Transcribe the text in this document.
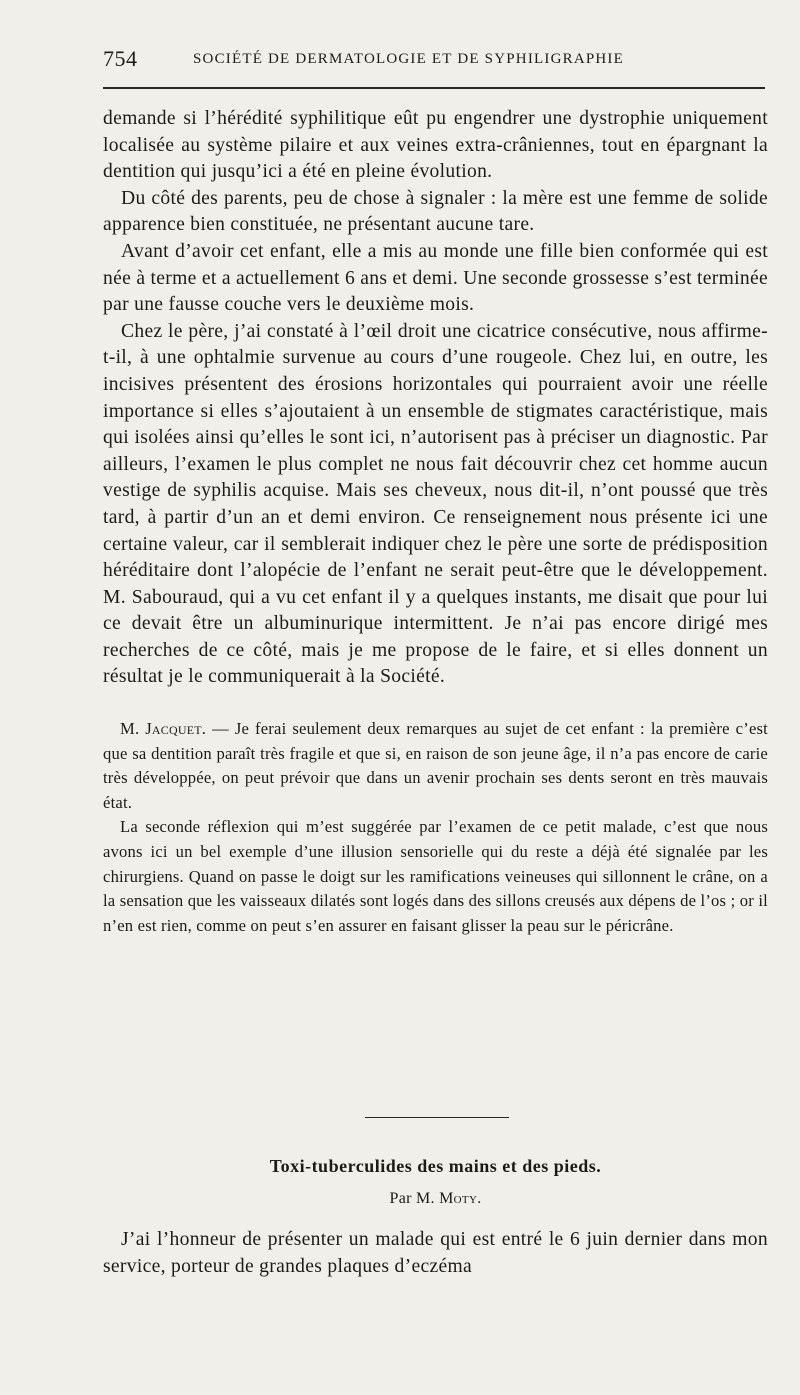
754	SOCIÉTÉ DE DERMATOLOGIE ET DE SYPHILIGRAPHIE

demande si l’hérédité syphilitique eût pu engendrer une dystrophie uniquement localisée au système pilaire et aux veines extra-crâniennes, tout en épargnant la dentition qui jusqu’ici a été en pleine évolution.

Du côté des parents, peu de chose à signaler : la mère est une femme de solide apparence bien constituée, ne présentant aucune tare.

Avant d’avoir cet enfant, elle a mis au monde une fille bien conformée qui est née à terme et a actuellement 6 ans et demi. Une seconde grossesse s’est terminée par une fausse couche vers le deuxième mois.

Chez le père, j’ai constaté à l’œil droit une cicatrice consécutive, nous affirme-t-il, à une ophtalmie survenue au cours d’une rougeole. Chez lui, en outre, les incisives présentent des érosions horizontales qui pourraient avoir une réelle importance si elles s’ajoutaient à un ensemble de stigmates caractéristique, mais qui isolées ainsi qu’elles le sont ici, n’autorisent pas à préciser un diagnostic. Par ailleurs, l’examen le plus complet ne nous fait découvrir chez cet homme aucun vestige de syphilis acquise. Mais ses cheveux, nous dit-il, n’ont poussé que très tard, à partir d’un an et demi environ. Ce renseignement nous présente ici une certaine valeur, car il semblerait indiquer chez le père une sorte de prédisposition héréditaire dont l’alopécie de l’enfant ne serait peut-être que le développement. M. Sabouraud, qui a vu cet enfant il y a quelques instants, me disait que pour lui ce devait être un albuminurique intermittent. Je n’ai pas encore dirigé mes recherches de ce côté, mais je me propose de le faire, et si elles donnent un résultat je le communiquerait à la Société.

M. Jacquet. — Je ferai seulement deux remarques au sujet de cet enfant : la première c’est que sa dentition paraît très fragile et que si, en raison de son jeune âge, il n’a pas encore de carie très développée, on peut prévoir que dans un avenir prochain ses dents seront en très mauvais état.

La seconde réflexion qui m’est suggérée par l’examen de ce petit malade, c’est que nous avons ici un bel exemple d’une illusion sensorielle qui du reste a déjà été signalée par les chirurgiens. Quand on passe le doigt sur les ramifications veineuses qui sillonnent le crâne, on a la sensation que les vaisseaux dilatés sont logés dans des sillons creusés aux dépens de l’os ; or il n’en est rien, comme on peut s’en assurer en faisant glisser la peau sur le péricrâne.

Toxi-tuberculides des mains et des pieds.
Par M. Moty.

J’ai l’honneur de présenter un malade qui est entré le 6 juin dernier dans mon service, porteur de grandes plaques d’eczéma
